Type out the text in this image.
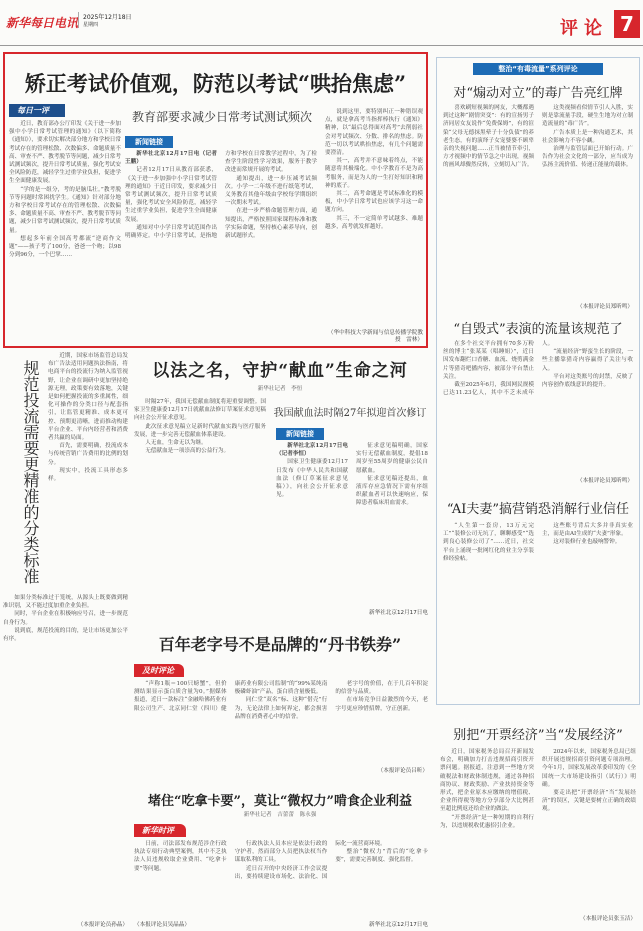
新华每日电讯 2025年12月18日
星期四	评论 7
矫正考试价值观，防范以考试“哄抬焦虑”
每日一评

近日，教育部办公厅印发《关于进一步加强中小学日常考试管理的通知》（以下简称《通知》），要求切实解决部分地方和学校日常考试存在的管理松散、次数偏多、命题质量不高、审查不严、教考脱节等问题，减少日常考试测试频次，提升日常考试质量，强化考试安全风险防范，减轻学生过重学业负担，促进学生全面健康发展。

“学的是一组分，考的是脑瓜壮。”教考脱节等问题时常困扰学生。《通知》针对部分地方和学校日常考试存在的管理松散、次数偏多、命题质量不高、审查不严、教考脱节等问题，减少日常考试测试频次，提升日常考试质量。

想起多年前全国高考都流“逆商作文题”——孩子考了100分，爸爸一个吻；以98分到96分，一个巴掌……

教育部要求减少日常考试测试频次
新闻链接

新华社北京12月17日电（记者王鹏）

记者12月17日从教育部获悉，《关于进一步加强中小学日常考试管理的通知》于近日印发，要求减少日常考试测试频次，提升日常考试质量，强化考试安全风险防范，减轻学生过重学业负担，促进学生全面健康发展。

通知对中小学日常考试范围作出明确界定。中小学日常考试，是指地方和学校在日常教学过程中，为了检查学生阶段性学习效果，服务于教学改进而常规开展的考试。

通知提出，进一步压减考试频次。小学一二年级不进行纸笔考试，义务教育其他年级由学校每学期组织一次期末考试。

在进一步严格命题管理方面，通知提出，严格按照国家课程标准和教学实际命题，坚持核心素养导向，创新试题形式。

说到这里，要特别纠正一种错误观点，就是拿高考当指挥棒执行《通知》精神，以“最后总得面对高考”去削弱社会对考试频次、分数、排名的焦虑。防范一切以考试哄抬焦虑，有几个问题需要澄清。

其一，高考并不意味着终点，不能随意将其极端化。中小学教育不是为高考服务，而是为人的一生打好知识和精神的底子。

其二，高考命题是考试标准化的模板，中小学日常考试也应该学习这一命题方向。

其三，不一定简单考试越多、难题越多，高考就发挥越好。

（华中科技大学新闻与信息传播学院教授　雷林）
整治“有毒流量”系列评论
对“煽动对立”的毒广告亮红牌

喜欢刷短视频的网友，大概都遇到过这种“剧情突变”：有的宣扬男子济同居女友说作“免费保姆”，有的渲染“父母无德抹黑晕子十分负债”的养老生态，有的演绎子女宠婆婆不顾卑亲的失视问题……正当被情节牵引，方才视频中的情节急之中出现，视频的画风却骤然反转，立刻切入广告。

这类视频看似情节引人入胜，实则是靠流量手段，硬生生地为对立制造流量的“毒广告”。

广告本质上是一种沟通艺术，其社会影响力不容小觑。

治理与监管层面已开始行动。广告作为社会文化的一部分，应当成为弘扬主流价值、传递正能量的载体。

（本报评论员郑昕鸣）
“自毁式”表演的流量该规范了

在多个社交平台拥有70多万粉丝的博主“张某某（唱睡姐）”，近日因发布翻烂口香糖、血流、烧剪满金片等猎奇吧播内容，被部分平台禁止关注。

截至2025年6月，我国网民规模已达11.23亿人，其中不乏未成年人。

“流量经济”野蛮生长的阶段，一些主播靠猎奇内容赢得了关注与收入。

平台对这类账号的封禁，反映了内容创作底线意识的提升。

（本报评论员郑昕鸣）
“AI夫妻”搞营销恐消解行业信任

“人生第一套房，13万元完工”“装修公司无坑了，聊聊感受”“选到良心装修公司了”……近日，社交平台上涌现一批网红化的业主分享装修经验帖。

这些账号背后大多并非真实业主，而是由AI生成的“夫妻”形象。

这对装修行业也敲响警钟。

别把“开票经济”当“发展经济”

近日，国家税务总局召开新闻发布会，明确加力打击违规招商引资开票问题。据报道，注意到一些地方突破税法和财政体制违规，通过各种招商协议、财政奖励、产业扶持资金等形式，把企业原本应缴纳的增值税、企业所得税等地方分享部分大比例甚至超比例返还给企业的做法。

“开票经济”是一种短期的自利行为，以违规税收优惠招引企业。

2024年以来，国家税务总局已组织开展违规招商引资问题专项治理。今年1月，国家发展改革委印发的《全国统一大市场建设指引（试行）》明确。

要走出把“开票经济”当“发展经济”的误区，关键是要树立正确的政绩观。

（本报评论员张玉洁）
规范投流需要更精准的分类标准

近期，国家市场监管总局发布广告法适用问题执法指南，将电商平台的投流行为纳入监管视野，让企业在调研中更加坚持绝源无理，政策要有效落地，关键是如何把握投流的多重属性，细化可操作的分类口径与配套指引，让监管更精准、成本更可控、预期更清晰，进而推动构建平台企业、平台内经营者和消费者共赢的局面。

首先，需要明确，投流成本与传统营销广告费用的比例的划分。

现实中，投流工具形态多样。

如果分类标准过于笼统，从源头上既要做到精准识别，又不能过度加重企业负担。

同时，平台企业在积极响应号召，进一步规范自身行为。

说到底，规范投流的目的，是让市场更加公平有序。

（本报评论员孙晶）
以法之名，守护“献血”生命之河
新华社记者　李恒

时隔27年，我国无偿献血制度将迎重要调整。国家卫生健康委12月17日就献血法修订草案征求意见稿向社会公开征求意见。

此次征求意见稿立足新时代献血实践与医疗服务发展，进一步完善无偿献血体系建设。

人无血，生命无以为继。

无偿献血是一项崇高的公益行为。

我国献血法时隔27年拟迎首次修订
新闻链接

新华社北京12月17日电（记者李恒）

国家卫生健康委12月17日发布《中华人民共和国献血法（修订草案征求意见稿）》，向社会公开征求意见。

征求意见稿明确，国家实行无偿献血制度，提倡18周岁至55周岁的健康公民自愿献血。

征求意见稿还提出，血液库存应急情况下需有序组织献血者可以快速响应，保障患者临床用血需求。

新华社北京12月17日电
百年老字号不是品牌的“丹书铁券”
及时评论

“声称1瓶＝100只螃蟹”，但价测结果显示蛋白质含量为0。”据媒体报道，近日一款标注“金融哈佛药业有限公司生产、北京同仁堂（四川）健康药业有限公司监制”的“99%某纯南极磷虾油”产品，蛋白质含量极低。

同仁堂“双名”标、这种“借壳”行为，无论法律上如何界定，都会损害品牌在消费者心中的信誉。

老字号的价值，在于几百年积淀的信誉与品质。

在市场竞争日益激烈的今天，老字号更应珍惜招牌，守正创新。

（本报评论员吕昕）
堵住“吃拿卡要”，莫让“微权力”啃食企业利益
新华社记者　吉蕾蕾　陈永强
新华时评

日前，司法部发布规范涉企行政执法专项行动典型案例，其中不乏执法人员违规收取企业费用、“吃拿卡要”等问题。

行政执法人员本应是依法行政的守护者，然而部分人员把执法权当作谋取私利的工具。

近日召开的中央经济工作会议提出，要持续建设市场化、法治化、国际化一流营商环境。

整治“微权力”背后的“吃拿卡要”，需要完善制度、强化监督。

新华社北京12月17日电
（本报评论员吴晶晶）
